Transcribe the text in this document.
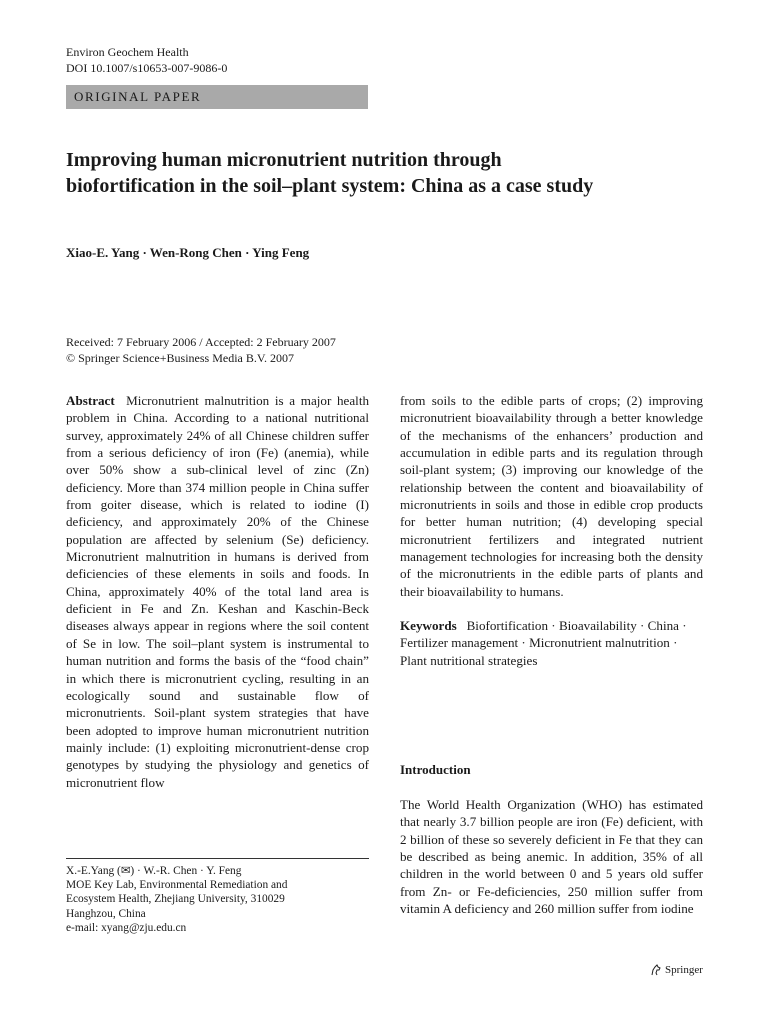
Environ Geochem Health
DOI 10.1007/s10653-007-9086-0
ORIGINAL PAPER
Improving human micronutrient nutrition through biofortification in the soil–plant system: China as a case study
Xiao-E. Yang · Wen-Rong Chen · Ying Feng
Received: 7 February 2006 / Accepted: 2 February 2007
© Springer Science+Business Media B.V. 2007

Abstract Micronutrient malnutrition is a major health problem in China. According to a national nutritional survey, approximately 24% of all Chinese children suffer from a serious deficiency of iron (Fe) (anemia), while over 50% show a sub-clinical level of zinc (Zn) deficiency. More than 374 million people in China suffer from goiter disease, which is related to iodine (I) deficiency, and approximately 20% of the Chinese population are affected by selenium (Se) deficiency. Micronutrient malnutrition in humans is derived from deficiencies of these elements in soils and foods. In China, approximately 40% of the total land area is deficient in Fe and Zn. Keshan and Kaschin-Beck diseases always appear in regions where the soil content of Se in low. The soil–plant system is instrumental to human nutrition and forms the basis of the “food chain” in which there is micronutrient cycling, resulting in an ecologically sound and sustainable flow of micronutrients. Soil-plant system strategies that have been adopted to improve human micronutrient nutrition mainly include: (1) exploiting micronutrient-dense crop genotypes by studying the physiology and genetics of micronutrient flow

from soils to the edible parts of crops; (2) improving micronutrient bioavailability through a better knowledge of the mechanisms of the enhancers’ production and accumulation in edible parts and its regulation through soil-plant system; (3) improving our knowledge of the relationship between the content and bioavailability of micronutrients in soils and those in edible crop products for better human nutrition; (4) developing special micronutrient fertilizers and integrated nutrient management technologies for increasing both the density of the micronutrients in the edible parts of plants and their bioavailability to humans.

Keywords Biofortification · Bioavailability · China · Fertilizer management · Micronutrient malnutrition · Plant nutritional strategies

Introduction
The World Health Organization (WHO) has estimated that nearly 3.7 billion people are iron (Fe) deficient, with 2 billion of these so severely deficient in Fe that they can be described as being anemic. In addition, 35% of all children in the world between 0 and 5 years old suffer from Zn- or Fe-deficiencies, 250 million suffer from vitamin A deficiency and 260 million suffer from iodine
X.-E.Yang (✉) · W.-R. Chen · Y. Feng
MOE Key Lab, Environmental Remediation and
Ecosystem Health, Zhejiang University, 310029
Hanghzou, China
e-mail: xyang@zju.edu.cn
Springer
